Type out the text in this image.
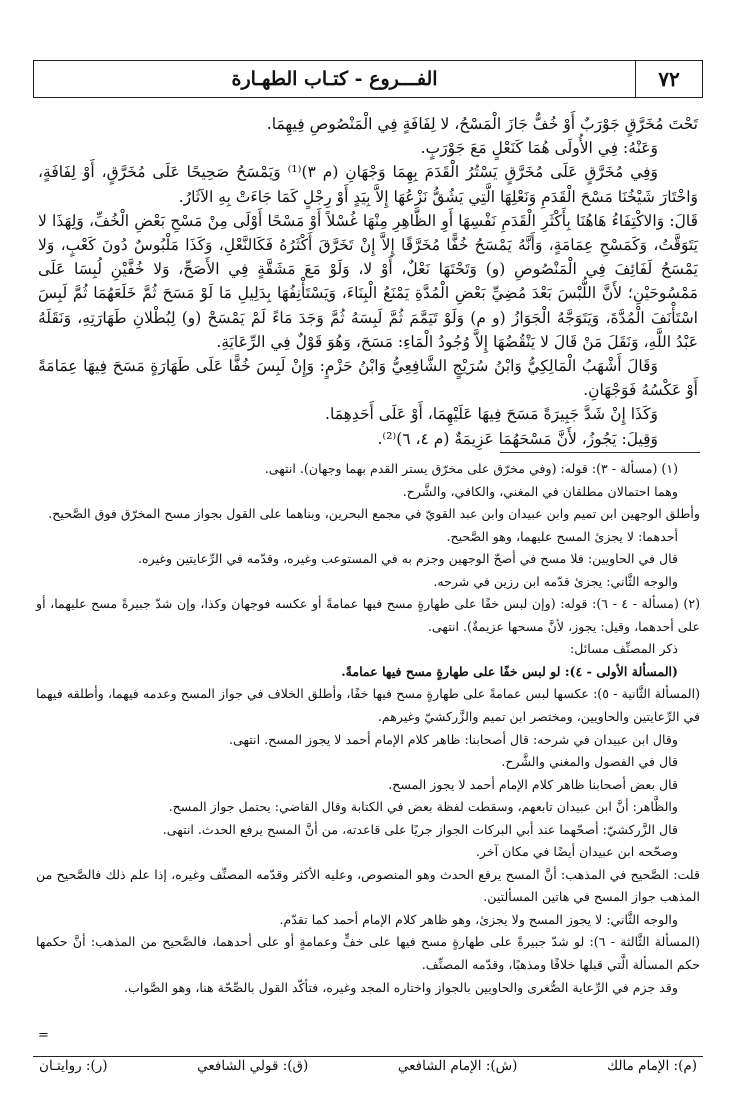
٧٢
الفـــروع - كتـاب الطهـارة

تَحْتَ مُخَرَّقٍ جَوْرَبٌ أَوْ خُفٌّ جَازَ الْمَسْحُ، لا لِفَافَةٍ فِي الْمَنْصُوصِ فِيهِمَا.

وَعَنْهُ: فِي الأُولَى هُمَا كَنَعْلٍ مَعَ جَوْرَبٍ.

وَفِي مُخَرَّقٍ عَلَى مُخَرَّقٍ يَسْتُرُ الْقَدَمَ بِهِمَا وَجْهَانِ (م ٣)⁽¹⁾ وَيَمْسَحُ صَحِيحًا عَلَى مُخَرَّقٍ، أَوْ لِفَافَةٍ، وَاخْتَارَ شَيْخُنَا مَسْحَ الْقَدَمِ وَنَعْلِهَا الَّتِي يَشُقُّ نَزْعُهَا إِلاَّ بِيَدٍ أَوْ رِجْلٍ كَمَا جَاءَتْ بِهِ الآثَارُ.

قَالَ: وَالاكْتِفَاءُ هَاهُنَا بِأَكْثَرِ الْقَدَمِ نَفْسِهَا أَوِ الظَّاهِرِ مِنْهَا غُسْلاً أَوْ مَسْحًا أَوْلَى مِنْ مَسْحِ بَعْضِ الْخُفِّ، وَلِهَذَا لا يَتَوَقَّتُ، وَكَمَسْحِ عِمَامَةٍ، وَأَنَّهُ يَمْسَحُ خُفًّا مُخَرَّقًا إِلاَّ إِنْ تَخَرَّقَ أَكْثَرُهُ فَكَالنَّعْلِ، وَكَذَا مَلْبُوسٌ دُونَ كَعْبٍ، وَلا يَمْسَحُ لَفَائِفَ فِي الْمَنْصُوصِ (و) وَتَحْتَهَا نَعْلٌ، أَوْ لا، وَلَوْ مَعَ مَشَقَّةٍ فِي الأَصَحِّ، وَلا خُفَّيْنِ لُبِسَا عَلَى مَمْسُوحَيْنِ؛ لأَنَّ اللُّبْسَ بَعْدَ مُضِيِّ بَعْضِ الْمُدَّةِ يَمْنَعُ الْبِنَاءَ، وَيَسْتَأْنِفُهَا بِدَلِيلِ مَا لَوْ مَسَحَ ثُمَّ خَلَعَهُمَا ثُمَّ لَبِسَ اسْتَأْنَفَ الْمُدَّةَ، وَيَتَوَجَّهُ الْجَوَازُ (و م) وَلَوْ تَيَمَّمَ ثُمَّ لَبِسَهُ ثُمَّ وَجَدَ مَاءً لَمْ يَمْسَحْ (و) لِبُطْلانِ طَهَارَتِهِ، وَنَقَلَهُ عَبْدُ اللَّهِ، وَنَقَلَ مَنْ قَالَ لا يَنْقُضُهَا إِلاَّ وُجُودُ الْمَاءِ: مَسَحَ، وَهُوَ قَوْلٌ فِي الرِّعَايَةِ.

وَقَالَ أَشْهَبُ الْمَالِكِيُّ وَابْنُ سُرَيْجٍ الشَّافِعِيُّ وَابْنُ حَزْمٍ: وَإِنْ لَبِسَ خُفًّا عَلَى طَهَارَةٍ مَسَحَ فِيهَا عِمَامَةً أَوْ عَكْسُهُ فَوَجْهَانِ.

وَكَذَا إِنْ شَدَّ جَبِيرَةً مَسَحَ فِيهَا عَلَيْهِمَا، أَوْ عَلَى أَحَدِهِمَا.

وَقِيلَ: يَجُوزُ، لأَنَّ مَسْحَهُمَا عَزِيمَةٌ (م ٤، ٦)⁽²⁾.

(١) (مسألة - ٣): قوله: (وفي مخرّق على مخرّق يستر القدم بهما وجهان). انتهى.

وهما احتمالان مطلقان في المغني، والكافي، والشَّرح.

وأطلق الوجهين ابن تميم وابن عبيدان وابن عبد القويّ في مجمع البحرين، وبناهما على القول بجواز مسح المخرّق فوق الصَّحيح.

أحدهما: لا يجزئ المسح عليهما، وهو الصَّحيح.

قال في الحاويين: فلا مسح في أصحّ الوجهين وجزم به في المستوعب وغيره، وقدّمه في الرِّعايتين وغيره.

والوجه الثَّاني: يجزئ قدّمه ابن رزين في شرحه.

(٢) (مسألة - ٤ - ٦): قوله: (وإن لبس خفًا على طهارةٍ مسح فيها عمامةً أو عكسه فوجهان وكذا، وإن شدّ جبيرةً مسح عليهما، أو على أحدهما، وقيل: يجوز، لأنَّ مسحها عزيمةٌ). انتهى.

ذكر المصنِّف مسائل:

(المسألة الأولى - ٤): لو لبس خفًا على طهارةٍ مسح فيها عمامةً.

(المسألة الثَّانية - ٥): عكسها لبس عمامةً على طهارةٍ مسح فيها خفًا، وأطلق الخلاف في جواز المسح وعدمه فيهما، وأطلقه فيهما في الرِّعايتين والحاويين، ومختصر ابن تميم والزَّركشيّ وغيرهم.

وقال ابن عبيدان في شرحه: قال أصحابنا: ظاهر كلام الإمام أحمد لا يجوز المسح. انتهى.

قال في الفصول والمغني والشَّرح.

قال بعض أصحابنا ظاهر كلام الإمام أحمد لا يجوز المسح.

والظَّاهر: أنَّ ابن عبيدان تابعهم، وسقطت لفظة بعض في الكتابة وقال القاضي: يحتمل جواز المسح.

قال الزَّركشيّ: أصحّهما عند أبي البركات الجواز جريًا على قاعدته، من أنَّ المسح يرفع الحدث. انتهى.

وصحّحه ابن عبيدان أيضًا في مكان آخر.

قلت: الصَّحيح في المذهب: أنَّ المسح يرفع الحدث وهو المنصوص، وعليه الأكثر وقدّمه المصنِّف وغيره، إذا علم ذلك فالصَّحيح من المذهب جواز المسح في هاتين المسألتين.

والوجه الثَّاني: لا يجوز المسح ولا يجزئ، وهو ظاهر كلام الإمام أحمد كما تقدّم.

(المسألة الثَّالثة - ٦): لو شدّ جبيرةً على طهارةٍ مسح فيها على خفٍّ وعمامةٍ أو على أحدهما، فالصَّحيح من المذهب: أنَّ حكمها حكم المسألة الَّتي قبلها خلافًا ومذهبًا، وقدّمه المصنِّف.

وقد جزم في الرِّعاية الصُّغرى والحاويين بالجواز واختاره المجد وغيره، فتأكّد القول بالصِّحّة هنا، وهو الصَّواب.

=
(م): الإمام مالك
(ش): الإمام الشافعي
(ق): قولي الشافعي
(ر): روايتـان
